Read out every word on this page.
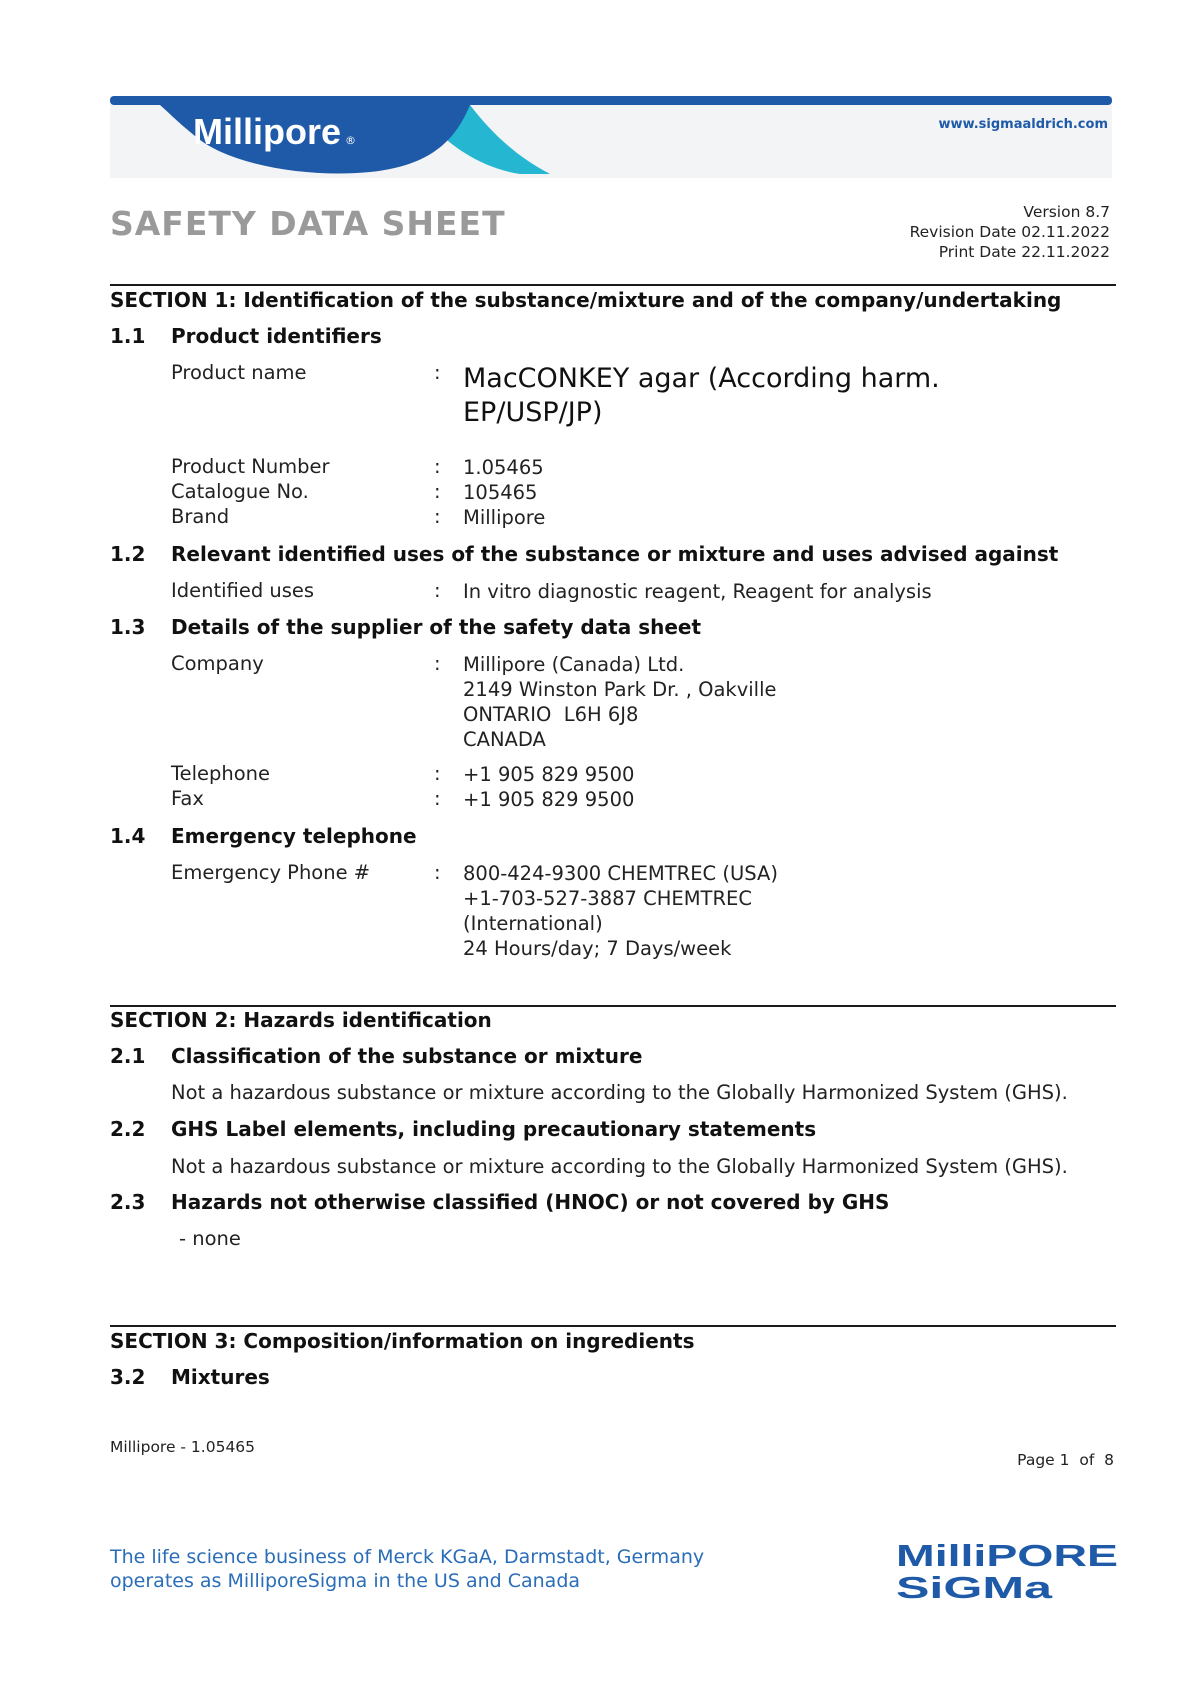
Millipore ®
www.sigmaaldrich.com
SAFETY DATA SHEET	Version 8.7
Revision Date 02.11.2022
Print Date 22.11.2022
SECTION 1: Identification of the substance/mixture and of the company/undertaking
1.1 Product identifiers
Product name	: MacCONKEY agar (According harm.
EP/USP/JP)
Product Number	: 1.05465
Catalogue No.	: 105465
Brand	: Millipore
1.2 Relevant identified uses of the substance or mixture and uses advised against
Identified uses	: In vitro diagnostic reagent, Reagent for analysis
1.3 Details of the supplier of the safety data sheet
Company	: Millipore (Canada) Ltd.
2149 Winston Park Dr. , Oakville
ONTARIO  L6H 6J8
CANADA
Telephone	: +1 905 829 9500
Fax	: +1 905 829 9500
1.4 Emergency telephone
Emergency Phone #	: 800-424-9300 CHEMTREC (USA)
+1-703-527-3887 CHEMTREC
(International)
24 Hours/day; 7 Days/week
SECTION 2: Hazards identification
2.1 Classification of the substance or mixture
Not a hazardous substance or mixture according to the Globally Harmonized System (GHS).
2.2 GHS Label elements, including precautionary statements
Not a hazardous substance or mixture according to the Globally Harmonized System (GHS).
2.3 Hazards not otherwise classified (HNOC) or not covered by GHS
- none
SECTION 3: Composition/information on ingredients
3.2 Mixtures
Millipore - 1.05465
Page 1  of  8
The life science business of Merck KGaA, Darmstadt, Germany
operates as MilliporeSigma in the US and Canada
MilliPORE
SiGMa
